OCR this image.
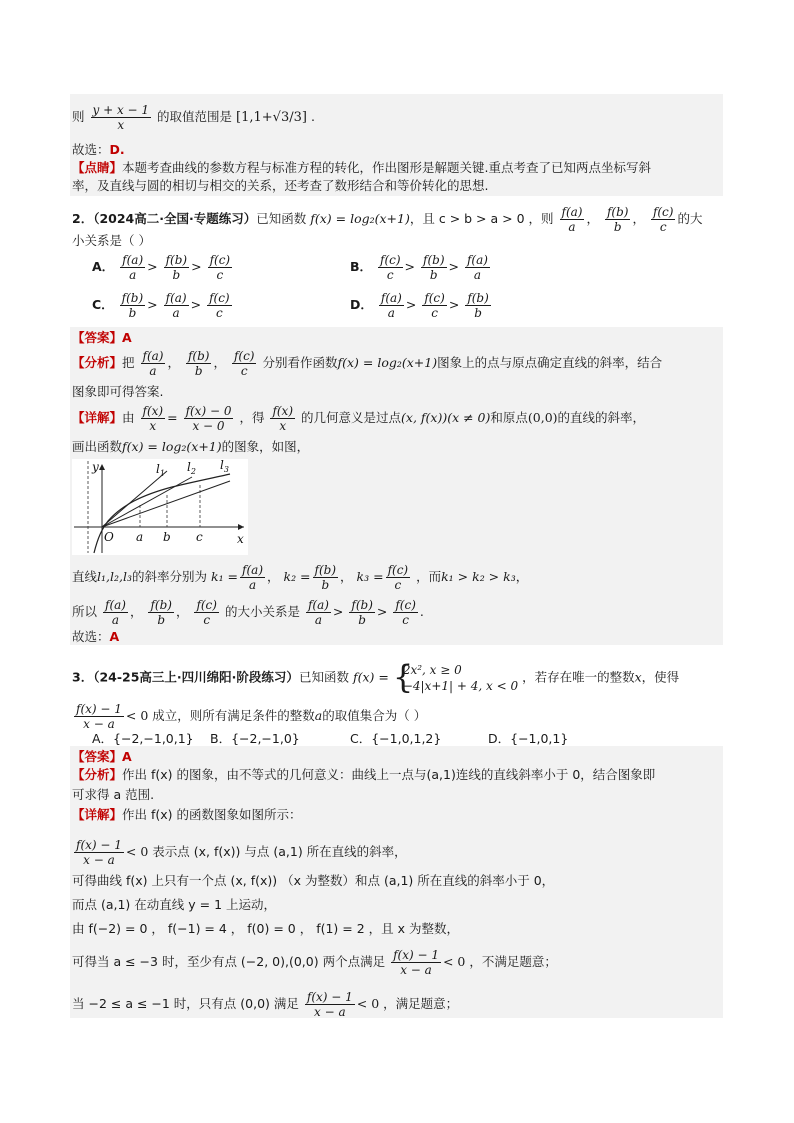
则 $\frac{y + x - 1}{x}$ 的取值范围是 [1,1+√3/3] .
故选：D.
【点睛】本题考查曲线的参数方程与标准方程的转化，作出图形是解题关键.重点考查了已知两点坐标写斜
率，及直线与圆的相切与相交的关系，还考查了数形结合和等价转化的思想.
2．（2024高二·全国·专题练习）已知函数 f(x) = log₂(x+1)，且 c > b > a > 0 ，则 $\frac{f(a)}{a}$ ， $\frac{f(b)}{b}$ ， $\frac{f(c)}{c}$ 的大
小关系是（ ）
A． $\frac{f(a)}{a} > \frac{f(b)}{b} > \frac{f(c)}{c}$	B． $\frac{f(c)}{c} > \frac{f(b)}{b} > \frac{f(a)}{a}$
C． $\frac{f(b)}{b} > \frac{f(a)}{a} > \frac{f(c)}{c}$	D． $\frac{f(a)}{a} > \frac{f(c)}{c} > \frac{f(b)}{b}$
【答案】A
【分析】把 $\frac{f(a)}{a}$ ， $\frac{f(b)}{b}$ ， $\frac{f(c)}{c}$ 分别看作函数f(x) = log₂(x+1)图象上的点与原点确定直线的斜率，结合
图象即可得答案.
【详解】由 $\frac{f(x)}{x} = \frac{f(x) - 0}{x - 0}$ ，得 $\frac{f(x)}{x}$ 的几何意义是过点(x, f(x))(x ≠ 0)和原点(0,0)的直线的斜率，
画出函数f(x) = log₂(x+1)的图象，如图，
y
x
O a b c
$l_1$ $l_2$ $l_3$
直线l₁,l₂,l₃的斜率分别为 $k_1 = \frac{f(a)}{a}$ ， $k_2 = \frac{f(b)}{b}$ ， $k_3 = \frac{f(c)}{c}$ ，而k₁ > k₂ > k₃，
所以 $\frac{f(a)}{a}$ ， $\frac{f(b)}{b}$ ， $\frac{f(c)}{c}$ 的大小关系是 $\frac{f(a)}{a} > \frac{f(b)}{b} > \frac{f(c)}{c}$ .
故选：A
3．（24-25高三上·四川绵阳·阶段练习）已知函数 f(x) = {
2x², x ≥ 0
−4|x+1| + 4, x < 0
，若存在唯一的整数x，使得
$\frac{f(x) - 1}{x - a} < 0$ 成立，则所有满足条件的整数a的取值集合为（ ）
A．{−2,−1,0,1} B．{−2,−1,0}	C．{−1,0,1,2}	D．{−1,0,1}
【答案】A
【分析】作出 f(x) 的图象，由不等式的几何意义：曲线上一点与(a,1)连线的直线斜率小于 0，结合图象即
可求得 a 范围.
【详解】作出 f(x) 的函数图象如图所示：
$\frac{f(x) - 1}{x - a} < 0$ 表示点 (x, f(x)) 与点 (a,1) 所在直线的斜率，
可得曲线 f(x) 上只有一个点 (x, f(x)) （x 为整数）和点 (a,1) 所在直线的斜率小于 0，
而点 (a,1) 在动直线 y = 1 上运动，
由 f(−2) = 0 ， f(−1) = 4 ， f(0) = 0 ， f(1) = 2 ，且 x 为整数，
可得当 a ≤ −3 时，至少有点 (−2, 0),(0,0) 两个点满足 $\frac{f(x) - 1}{x - a} < 0$ ，不满足题意；
当 −2 ≤ a ≤ −1 时，只有点 (0,0) 满足 $\frac{f(x) - 1}{x - a} < 0$ ，满足题意；
